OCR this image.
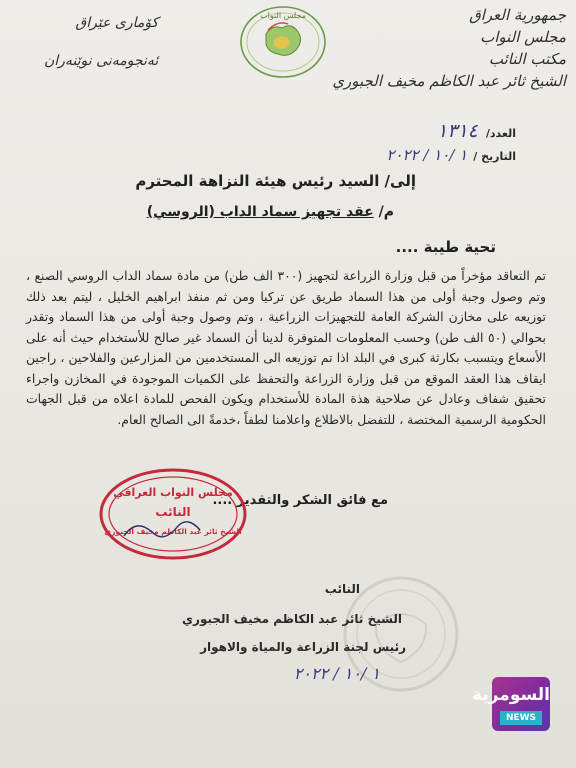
جمهورية العراق
مجلس النواب
مكتب النائب
الشيخ ثائر عبد الكاظم مخيف الجبوري
كۆماری عێراق
ئه‌نجومه‌نی نوێنه‌ران
مجلس النواب
العدد/١٣١٤
التاريخ /١ /١٠ / ٢٠٢٢
إلى/ السيد رئيس هيئة النزاهة المحترم
م/ عقد تجهيز سماد الداب (الروسي)
تحية طيبة ....
تم التعاقد مؤخراً من قبل وزارة الزراعة لتجهيز (٣٠٠ الف طن) من مادة سماد الداب الروسي الصنع ، وتم وصول وجبة أولى من هذا السماد طريق عن تركيا ومن ثم منفذ ابراهيم الخليل ، ليتم بعد ذلك توزيعه على مخازن الشركة العامة للتجهيزات الزراعية ، وتم وصول وجبة أولى من هذا السماد وتقدر بحوالي (٥٠ الف طن) وحسب المعلومات المتوفرة لدينا أن السماد غير صالح للأستخدام حيث أنه على الأسعاع ويتسبب بكارثة كبرى في البلد اذا تم توزيعه الى المستخدمين من المزارعين والفلاحين ، راجين ايقاف هذا العقد الموقع من قبل وزارة الزراعة والتحفظ على الكميات الموجودة في المخازن واجراء تحقيق شفاف وعادل عن صلاحية هذة المادة للأستخدام ويكون الفحص للمادة اعلاه من قبل الجهات الحكومية الرسمية المختصة ، للتفضل بالاطلاع واعلامنا لطفاً ،خدمةً الى الصالح العام.
مع فائق الشكر والتقدير ....
مجلس النواب العراقي
النائب
الشيخ ثائر عبد الكاظم مخيف الجبوري
النائب
الشيخ ثائر عبد الكاظم مخيف الجبوري
رئيس لجنة الزراعة والمياة والاهوار
١ /١٠ / ٢٠٢٢
السومرية
NEWS
